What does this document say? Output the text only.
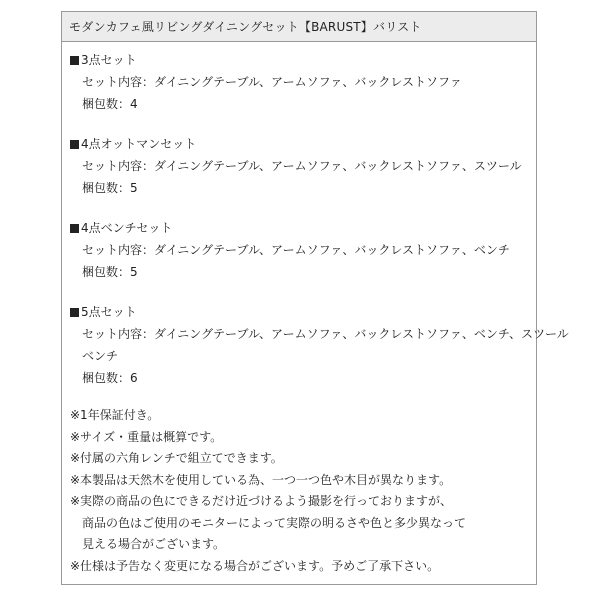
モダンカフェ風リビングダイニングセット【BARUST】バリスト
3点セット
セット内容：ダイニングテーブル、アームソファ、バックレストソファ
梱包数：4
4点オットマンセット
セット内容：ダイニングテーブル、アームソファ、バックレストソファ、スツール
梱包数：5
4点ベンチセット
セット内容：ダイニングテーブル、アームソファ、バックレストソファ、ベンチ
梱包数：5
5点セット
セット内容：ダイニングテーブル、アームソファ、バックレストソファ、ベンチ、スツール
ベンチ
梱包数：6
※1年保証付き。
※サイズ・重量は概算です。
※付属の六角レンチで組立てできます。
※本製品は天然木を使用している為、一つ一つ色や木目が異なります。
※実際の商品の色にできるだけ近づけるよう撮影を行っておりますが、
商品の色はご使用のモニターによって実際の明るさや色と多少異なって
見える場合がございます。
※仕様は予告なく変更になる場合がございます。予めご了承下さい。
